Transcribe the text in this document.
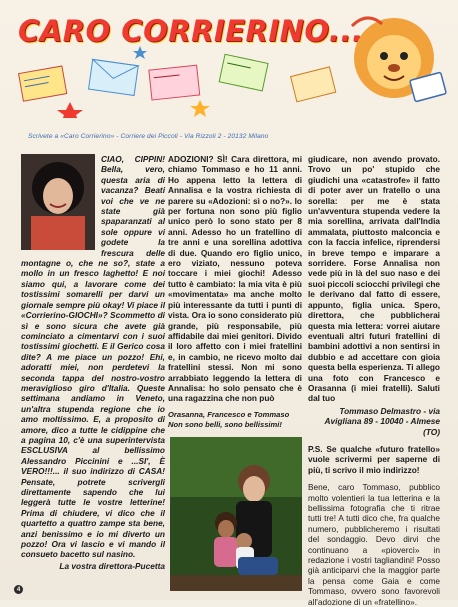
CARO CORRIERINO...
Scrivete a «Caro Corrierino» - Corriere dei Piccoli - Via Rizzoli 2 - 20132 Milano

CIAO, CIPPIN! Bella, vero, questa aria di vacanza? Beati voi che ve ne state già spaparanzati al sole oppure vi godete la frescura delle montagne o, che ne so?, state a mollo in un fresco laghetto! E noi siamo qui, a lavorare come dei tostissimi somarelli per darvi un giornale sempre più okay! Vi piace il «Corrierino-GIOCHI»? Scommetto di sì e sono sicura che avete già cominciato a cimentarvi con i suoi tostissimi giochetti. E il Gerico cosa dite? A me piace un pozzo! Ehi, adoratti miei, non perdetevi la seconda tappa del nostro-vostro meraviglioso giro d'Italia. Queste settimana andiamo in Veneto, un'altra stupenda regione che io amo moltissimo. E, a proposito di amore, dico a tutte le cidippine che a pagina 10, c'è una superintervista ESCLUSIVA al bellissimo Alessandro Piccinini e ...SI', È VERO!!!... il suo indirizzo di CASA! Pensate, potrete scrivergli direttamente sapendo che lui leggerà tutte le vostre letterine! Prima di chiudere, vi dico che il quartetto a quattro zampe sta bene, anzi benissimo e io mi diverto un pozzo! Ora vi lascio e vi mando il consueto bacetto sul nasino.

La vostra direttora-Pucetta

ADOZIONI? SÌ! Cara direttora, mi chiamo Tommaso e ho 11 anni. Ho appena letto la lettera di Annalisa e la vostra richiesta di parere su «Adozioni: sì o no?». Io per fortuna non sono più figlio unico però lo sono stato per 8 anni. Adesso ho un fratellino di tre anni e una sorellina adottiva di due. Quando ero figlio unico, ero viziato, nessuno poteva toccare i miei giochi! Adesso tutto è cambiato: la mia vita è più «movimentata» ma anche molto più interessante da tutti i punti di vista. Ora io sono considerato più grande, più responsabile, più affidabile dai miei genitori. Divido il loro affetto con i miei fratellini e, in cambio, ne ricevo molto dai fratellini stessi. Non mi sono arrabbiato leggendo la lettera di Annalisa: ho solo pensato che è una ragazzina che non può

Orasanna, Francesco e Tommaso Non sono belli, sono bellissimi!

giudicare, non avendo provato. Trovo un po' stupido che giudichi una «catastrofe» il fatto di poter aver un fratello o una sorella: per me è stata un'avventura stupenda vedere la mia sorellina, arrivata dall'India ammalata, piuttosto malconcia e con la faccia infelice, riprendersi in breve tempo e imparare a sorridere. Forse Annalisa non vede più in là del suo naso e dei suoi piccoli sciocchi privilegi che le derivano dal fatto di essere, appunto, figlia unica. Spero, direttora, che pubblicherai questa mia lettera: vorrei aiutare eventuali altri futuri fratellini di bambini adottivi a non sentirsi in dubbio e ad accettare con gioia questa bella esperienza. Ti allego una foto con Francesco e Orasanna (i miei fratelli). Saluti dal tuo

Tommaso Delmastro - via Avigliana 89 - 10040 - Almese (TO)

P.S. Se qualche «futuro fratello» vuole scrivermi per saperne di più, ti scrivo il mio indirizzo!

Bene, caro Tommaso, pubblico molto volentieri la tua letterina e la bellissima fotografia che ti ritrae tutti tre! A tutti dico che, fra qualche numero, pubblicheremo i risultati del sondaggio. Devo dirvi che continuano a «piovercì» in redazione i vostri tagliandini! Posso già anticiparvi che la maggior parte la pensa come Gaia e come Tommaso, ovvero sono favorevoli all'adozione di un «fratellino».

4
